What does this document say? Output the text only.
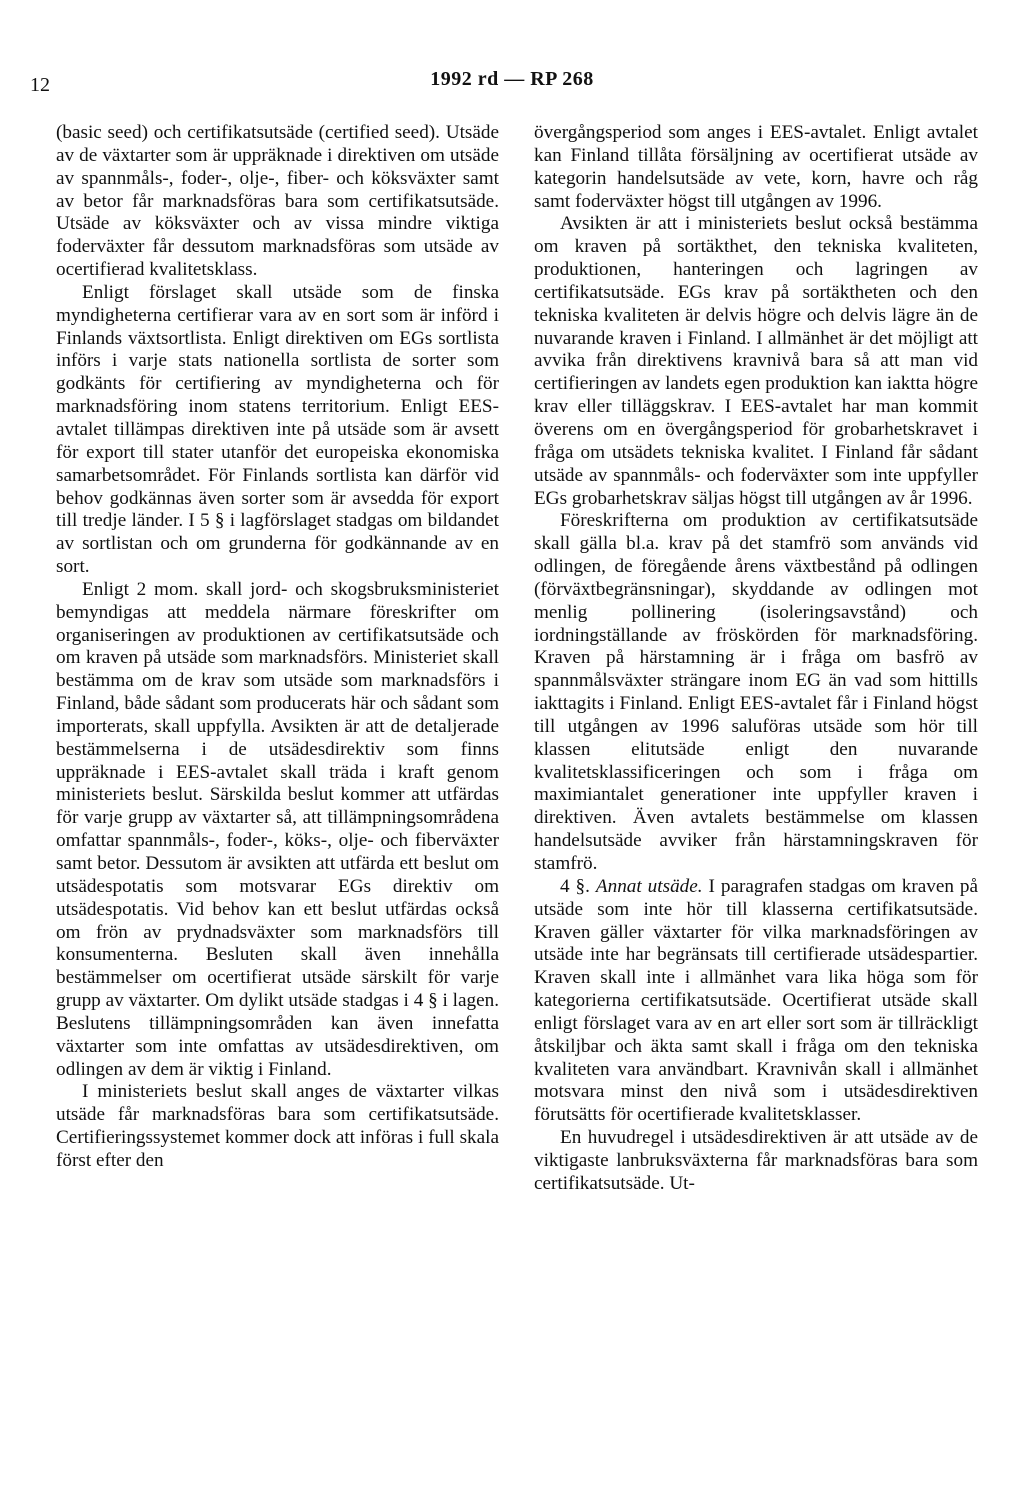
12	1992 rd — RP 268

(basic seed) och certifikatsutsäde (certified seed). Utsäde av de växtarter som är uppräknade i direktiven om utsäde av spannmåls-, foder-, olje-, fiber- och köksväxter samt av betor får marknadsföras bara som certifikatsutsäde. Utsäde av köksväxter och av vissa mindre viktiga foderväxter får dessutom marknadsföras som utsäde av ocertifierad kvalitetsklass.

Enligt förslaget skall utsäde som de finska myndigheterna certifierar vara av en sort som är införd i Finlands växtsortlista. Enligt direktiven om EGs sortlista införs i varje stats nationella sortlista de sorter som godkänts för certifiering av myndigheterna och för marknadsföring inom statens territorium. Enligt EES-avtalet tillämpas direktiven inte på utsäde som är avsett för export till stater utanför det europeiska ekonomiska samarbetsområdet. För Finlands sortlista kan därför vid behov godkännas även sorter som är avsedda för export till tredje länder. I 5 § i lagförslaget stadgas om bildandet av sortlistan och om grunderna för godkännande av en sort.

Enligt 2 mom. skall jord- och skogsbruksministeriet bemyndigas att meddela närmare föreskrifter om organiseringen av produktionen av certifikatsutsäde och om kraven på utsäde som marknadsförs. Ministeriet skall bestämma om de krav som utsäde som marknadsförs i Finland, både sådant som producerats här och sådant som importerats, skall uppfylla. Avsikten är att de detaljerade bestämmelserna i de utsädesdirektiv som finns uppräknade i EES-avtalet skall träda i kraft genom ministeriets beslut. Särskilda beslut kommer att utfärdas för varje grupp av växtarter så, att tillämpningsområdena omfattar spannmåls-, foder-, köks-, olje- och fiberväxter samt betor. Dessutom är avsikten att utfärda ett beslut om utsädespotatis som motsvarar EGs direktiv om utsädespotatis. Vid behov kan ett beslut utfärdas också om frön av prydnadsväxter som marknadsförs till konsumenterna. Besluten skall även innehålla bestämmelser om ocertifierat utsäde särskilt för varje grupp av växtarter. Om dylikt utsäde stadgas i 4 § i lagen. Beslutens tillämpningsområden kan även innefatta växtarter som inte omfattas av utsädesdirektiven, om odlingen av dem är viktig i Finland.

I ministeriets beslut skall anges de växtarter vilkas utsäde får marknadsföras bara som certifikatsutsäde. Certifieringssystemet kommer dock att införas i full skala först efter den

övergångsperiod som anges i EES-avtalet. Enligt avtalet kan Finland tillåta försäljning av ocertifierat utsäde av kategorin handelsutsäde av vete, korn, havre och råg samt foderväxter högst till utgången av 1996.

Avsikten är att i ministeriets beslut också bestämma om kraven på sortäkthet, den tekniska kvaliteten, produktionen, hanteringen och lagringen av certifikatsutsäde. EGs krav på sortäktheten och den tekniska kvaliteten är delvis högre och delvis lägre än de nuvarande kraven i Finland. I allmänhet är det möjligt att avvika från direktivens kravnivå bara så att man vid certifieringen av landets egen produktion kan iaktta högre krav eller tilläggskrav. I EES-avtalet har man kommit överens om en övergångsperiod för grobarhetskravet i fråga om utsädets tekniska kvalitet. I Finland får sådant utsäde av spannmåls- och foderväxter som inte uppfyller EGs grobarhetskrav säljas högst till utgången av år 1996.

Föreskrifterna om produktion av certifikatsutsäde skall gälla bl.a. krav på det stamfrö som används vid odlingen, de föregående årens växtbestånd på odlingen (förväxtbegränsningar), skyddande av odlingen mot menlig pollinering (isoleringsavstånd) och iordningställande av fröskörden för marknadsföring. Kraven på härstamning är i fråga om basfrö av spannmålsväxter strängare inom EG än vad som hittills iakttagits i Finland. Enligt EES-avtalet får i Finland högst till utgången av 1996 saluföras utsäde som hör till klassen elitutsäde enligt den nuvarande kvalitetsklassificeringen och som i fråga om maximiantalet generationer inte uppfyller kraven i direktiven. Även avtalets bestämmelse om klassen handelsutsäde avviker från härstamningskraven för stamfrö.

4 §. Annat utsäde. I paragrafen stadgas om kraven på utsäde som inte hör till klasserna certifikatsutsäde. Kraven gäller växtarter för vilka marknadsföringen av utsäde inte har begränsats till certifierade utsädespartier. Kraven skall inte i allmänhet vara lika höga som för kategorierna certifikatsutsäde. Ocertifierat utsäde skall enligt förslaget vara av en art eller sort som är tillräckligt åtskiljbar och äkta samt skall i fråga om den tekniska kvaliteten vara användbart. Kravnivån skall i allmänhet motsvara minst den nivå som i utsädesdirektiven förutsätts för ocertifierade kvalitetsklasser.

En huvudregel i utsädesdirektiven är att utsäde av de viktigaste lanbruksväxterna får marknadsföras bara som certifikatsutsäde. Ut-
